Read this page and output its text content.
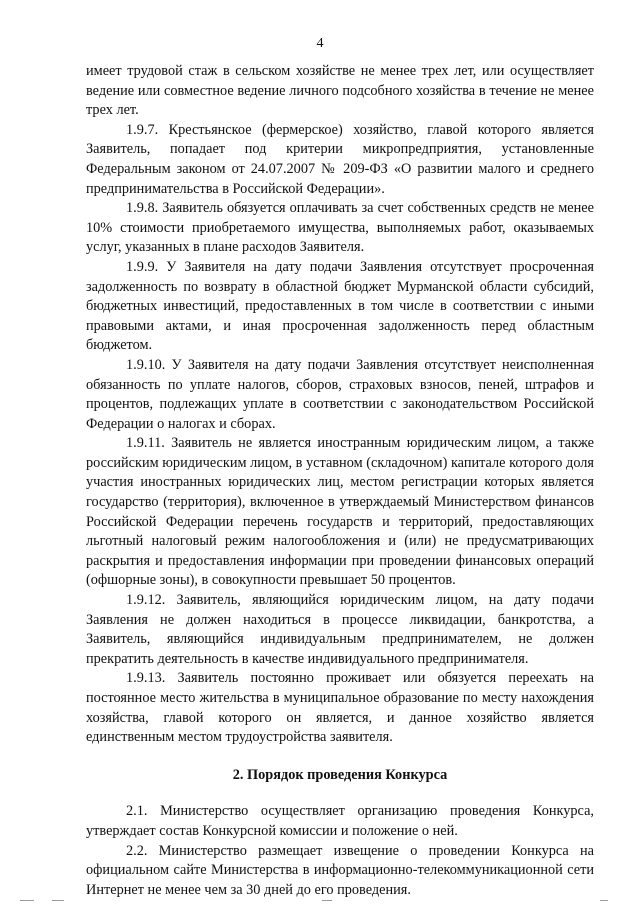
4

имеет трудовой стаж в сельском хозяйстве не менее трех лет, или осуществляет ведение или совместное ведение личного подсобного хозяйства в течение не менее трех лет.

1.9.7. Крестьянское (фермерское) хозяйство, главой которого является Заявитель, попадает под критерии микропредприятия, установленные Федеральным законом от 24.07.2007 № 209-ФЗ «О развитии малого и среднего предпринимательства в Российской Федерации».

1.9.8. Заявитель обязуется оплачивать за счет собственных средств не менее 10% стоимости приобретаемого имущества, выполняемых работ, оказываемых услуг, указанных в плане расходов Заявителя.

1.9.9. У Заявителя на дату подачи Заявления отсутствует просроченная задолженность по возврату в областной бюджет Мурманской области субсидий, бюджетных инвестиций, предоставленных в том числе в соответствии с иными правовыми актами, и иная просроченная задолженность перед областным бюджетом.

1.9.10. У Заявителя на дату подачи Заявления отсутствует неисполненная обязанность по уплате налогов, сборов, страховых взносов, пеней, штрафов и процентов, подлежащих уплате в соответствии с законодательством Российской Федерации о налогах и сборах.

1.9.11. Заявитель не является иностранным юридическим лицом, а также российским юридическим лицом, в уставном (складочном) капитале которого доля участия иностранных юридических лиц, местом регистрации которых является государство (территория), включенное в утверждаемый Министерством финансов Российской Федерации перечень государств и территорий, предоставляющих льготный налоговый режим налогообложения и (или) не предусматривающих раскрытия и предоставления информации при проведении финансовых операций (офшорные зоны), в совокупности превышает 50 процентов.

1.9.12. Заявитель, являющийся юридическим лицом, на дату подачи Заявления не должен находиться в процессе ликвидации, банкротства, а Заявитель, являющийся индивидуальным предпринимателем, не должен прекратить деятельность в качестве индивидуального предпринимателя.

1.9.13. Заявитель постоянно проживает или обязуется переехать на постоянное место жительства в муниципальное образование по месту нахождения хозяйства, главой которого он является, и данное хозяйство является единственным местом трудоустройства заявителя.

2. Порядок проведения Конкурса

2.1. Министерство осуществляет организацию проведения Конкурса, утверждает состав Конкурсной комиссии и положение о ней.

2.2. Министерство размещает извещение о проведении Конкурса на официальном сайте Министерства в информационно-телекоммуникационной сети Интернет не менее чем за 30 дней до его проведения.
